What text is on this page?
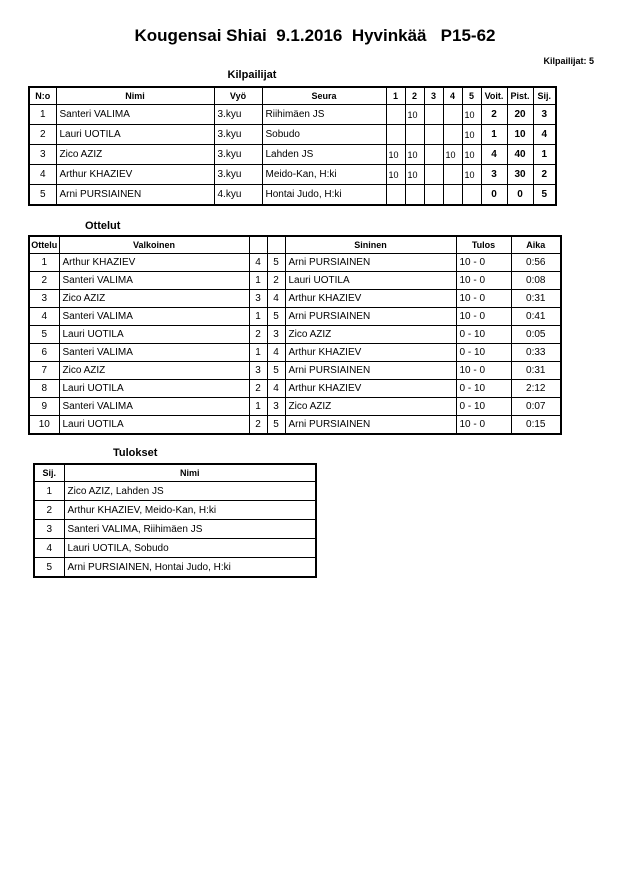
Kougensai Shiai  9.1.2016  Hyvinkää   P15-62
Kilpailijat: 5
Kilpailijat
N:o	Nimi	Vyö	Seura	1	2	3	4	5	Voit.	Pist.	Sij.
1	Santeri VALIMA	3.kyu	Riihimäen JS		10			10	2	20	3
2	Lauri UOTILA	3.kyu	Sobudo					10	1	10	4
3	Zico AZIZ	3.kyu	Lahden JS	10	10		10	10	4	40	1
4	Arthur KHAZIEV	3.kyu	Meido-Kan, H:ki	10	10			10	3	30	2
5	Arni PURSIAINEN	4.kyu	Hontai Judo, H:ki						0	0	5
Ottelut
Ottelu	Valkoinen			Sininen	Tulos	Aika
1	Arthur KHAZIEV	4	5	Arni PURSIAINEN	10 - 0	0:56
2	Santeri VALIMA	1	2	Lauri UOTILA	10 - 0	0:08
3	Zico AZIZ	3	4	Arthur KHAZIEV	10 - 0	0:31
4	Santeri VALIMA	1	5	Arni PURSIAINEN	10 - 0	0:41
5	Lauri UOTILA	2	3	Zico AZIZ	0 - 10	0:05
6	Santeri VALIMA	1	4	Arthur KHAZIEV	0 - 10	0:33
7	Zico AZIZ	3	5	Arni PURSIAINEN	10 - 0	0:31
8	Lauri UOTILA	2	4	Arthur KHAZIEV	0 - 10	2:12
9	Santeri VALIMA	1	3	Zico AZIZ	0 - 10	0:07
10	Lauri UOTILA	2	5	Arni PURSIAINEN	10 - 0	0:15
Tulokset
Sij.	Nimi
1	Zico AZIZ, Lahden JS
2	Arthur KHAZIEV, Meido-Kan, H:ki
3	Santeri VALIMA, Riihimäen JS
4	Lauri UOTILA, Sobudo
5	Arni PURSIAINEN, Hontai Judo, H:ki
